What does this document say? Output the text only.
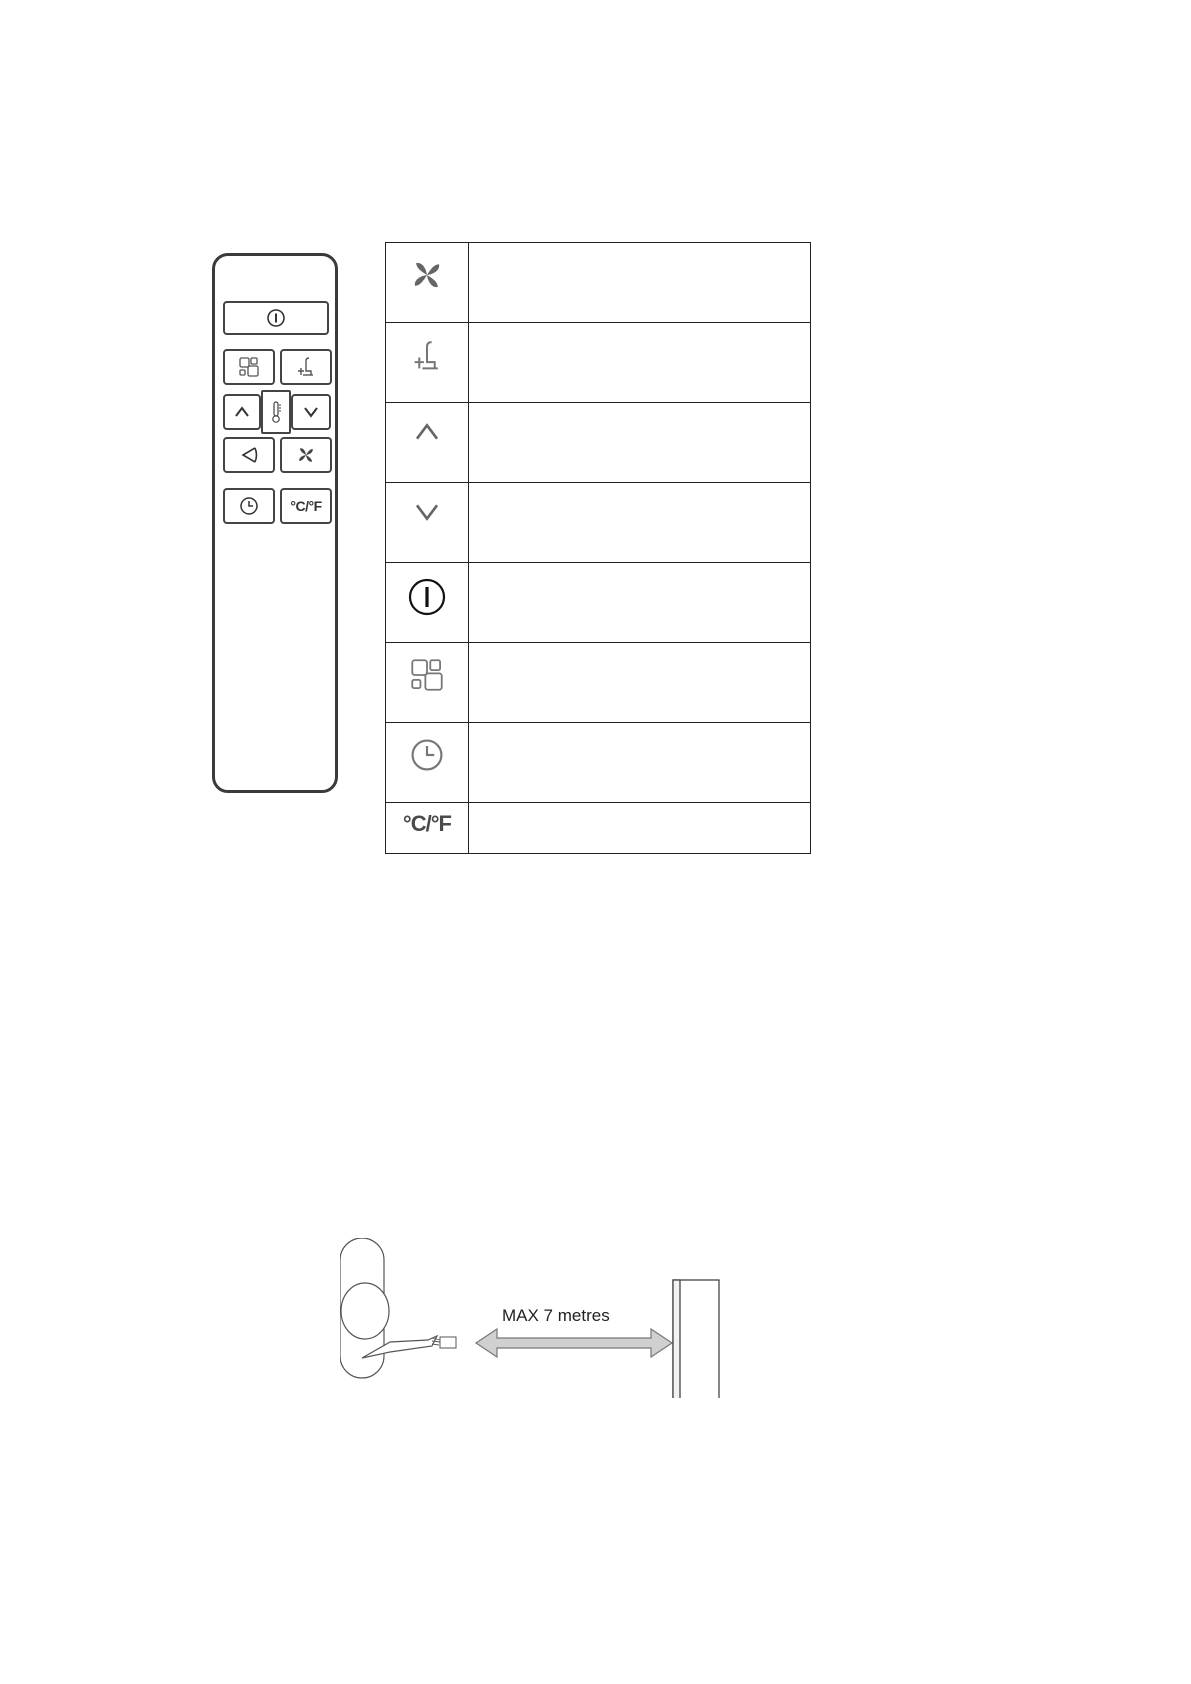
°C/°F

°C/°F	

MAX 7 metres
